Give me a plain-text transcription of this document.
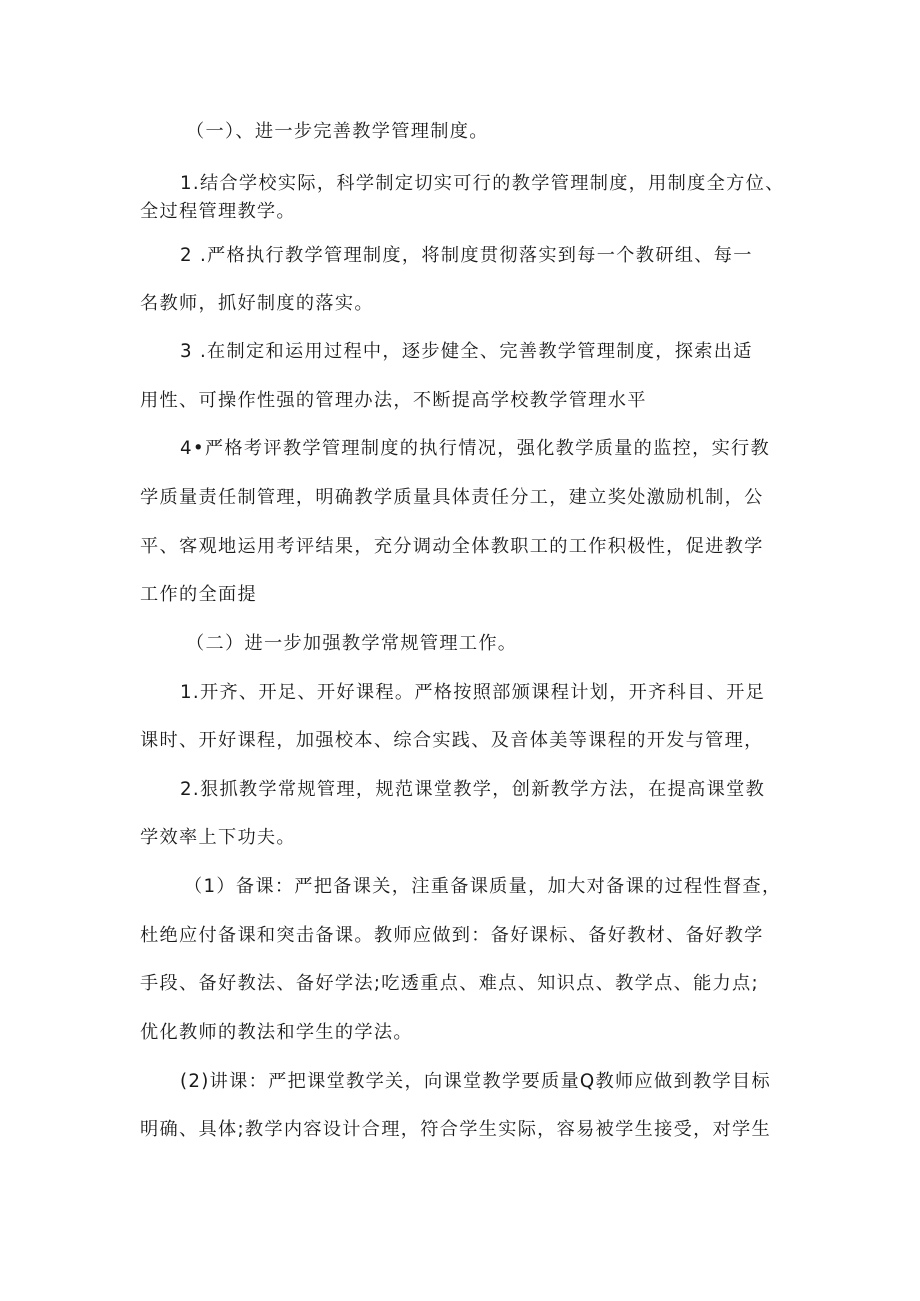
（一）、进一步完善教学管理制度。
1.结合学校实际，科学制定切实可行的教学管理制度，用制度全方位、
全过程管理教学。
2 .严格执行教学管理制度，将制度贯彻落实到每一个教研组、每一
名教师，抓好制度的落实。
3 .在制定和运用过程中，逐步健全、完善教学管理制度，探索出适
用性、可操作性强的管理办法，不断提高学校教学管理水平
4•严格考评教学管理制度的执行情况，强化教学质量的监控，实行教
学质量责任制管理，明确教学质量具体责任分工，建立奖处激励机制，公
平、客观地运用考评结果，充分调动全体教职工的工作积极性，促进教学
工作的全面提
（二）进一步加强教学常规管理工作。
1.开齐、开足、开好课程。严格按照部颁课程计划，开齐科目、开足
课时、开好课程，加强校本、综合实践、及音体美等课程的开发与管理，
2.狠抓教学常规管理，规范课堂教学，创新教学方法，在提高课堂教
学效率上下功夫。
（1）备课：严把备课关，注重备课质量，加大对备课的过程性督查，
杜绝应付备课和突击备课。教师应做到：备好课标、备好教材、备好教学
手段、备好教法、备好学法;吃透重点、难点、知识点、教学点、能力点;
优化教师的教法和学生的学法。
(2)讲课：严把课堂教学关，向课堂教学要质量Q教师应做到教学目标
明确、具体;教学内容设计合理，符合学生实际，容易被学生接受，对学生
